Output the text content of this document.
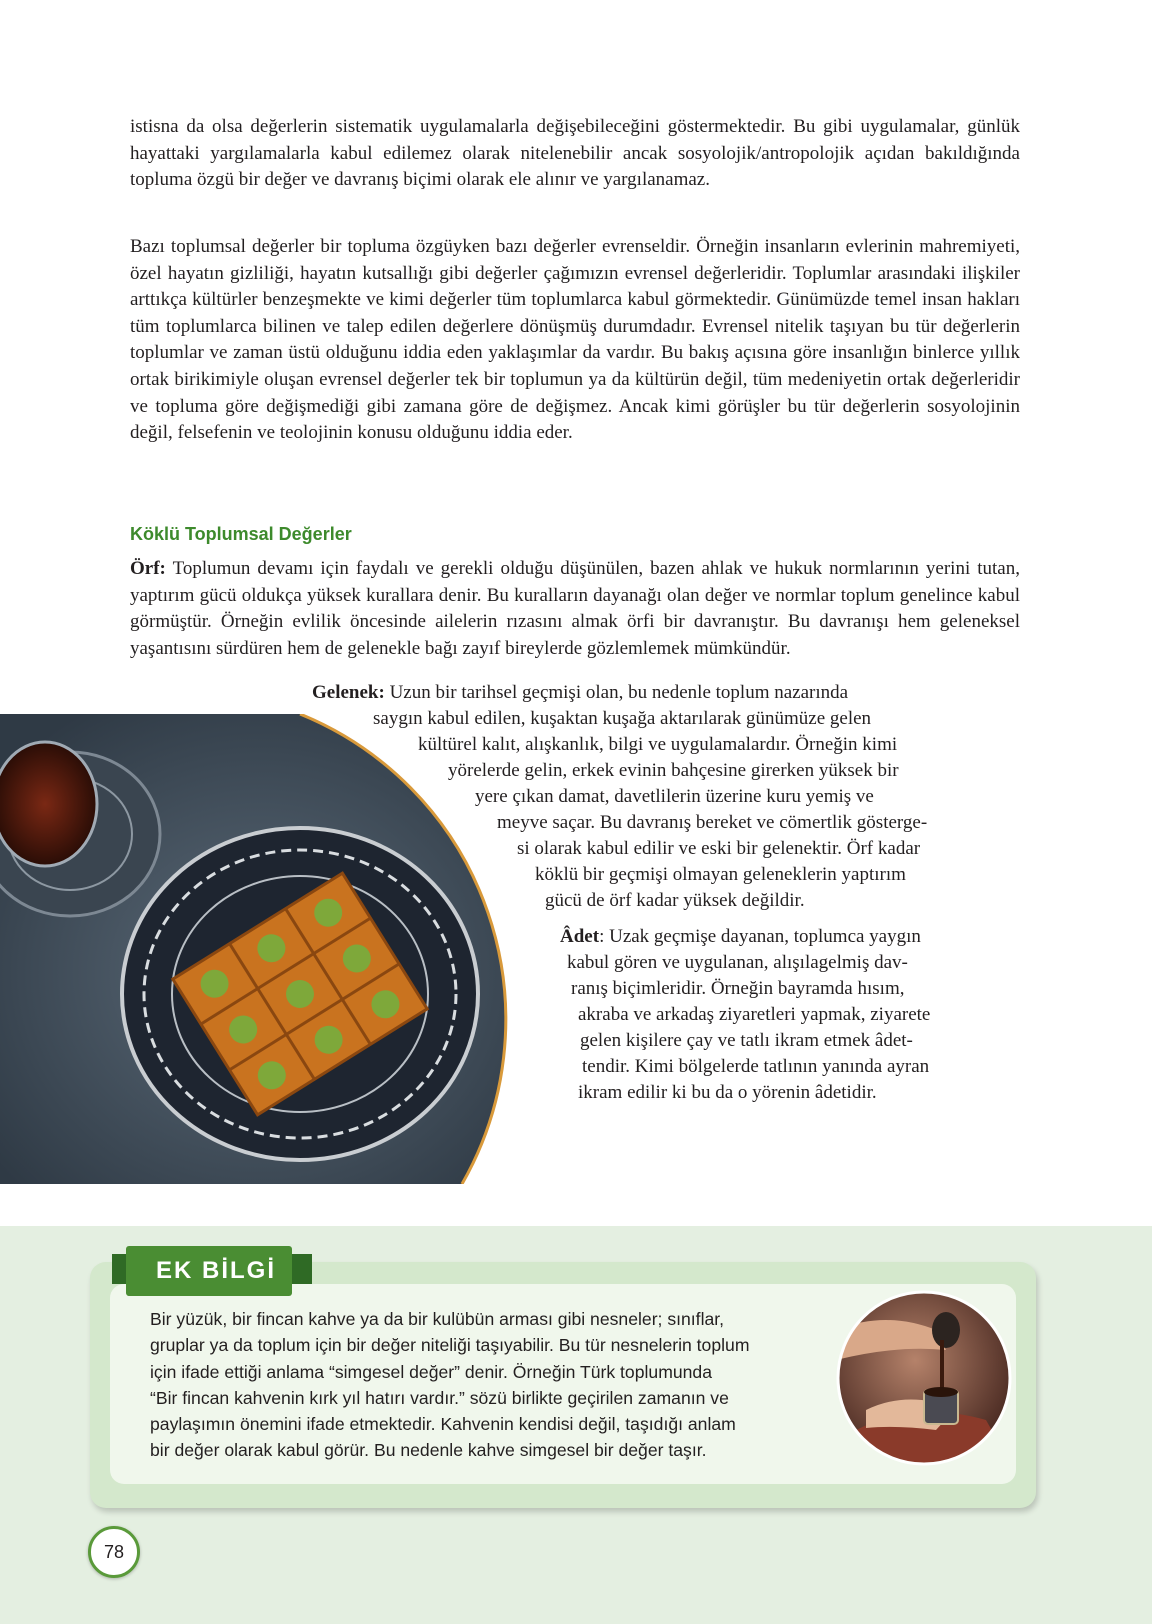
istisna da olsa değerlerin sistematik uygulamalarla değişebileceğini göstermektedir. Bu gibi uygulamalar, günlük hayattaki yargılamalarla kabul edilemez olarak nitelenebilir ancak sosyolojik/antropolojik açıdan bakıldığında topluma özgü bir değer ve davranış biçimi olarak ele alınır ve yargılanamaz.

Bazı toplumsal değerler bir topluma özgüyken bazı değerler evrenseldir. Örneğin insanların evlerinin mahremiyeti, özel hayatın gizliliği, hayatın kutsallığı gibi değerler çağımızın evrensel değerleridir. Toplumlar arasındaki ilişkiler arttıkça kültürler benzeşmekte ve kimi değerler tüm toplumlarca kabul görmektedir. Günümüzde temel insan hakları tüm toplumlarca bilinen ve talep edilen değerlere dönüşmüş durumdadır. Evrensel nitelik taşıyan bu tür değerlerin toplumlar ve zaman üstü olduğunu iddia eden yaklaşımlar da vardır. Bu bakış açısına göre insanlığın binlerce yıllık ortak birikimiyle oluşan evrensel değerler tek bir toplumun ya da kültürün değil, tüm medeniyetin ortak değerleridir ve topluma göre değişmediği gibi zamana göre de değişmez. Ancak kimi görüşler bu tür değerlerin sosyolojinin değil, felsefenin ve teolojinin konusu olduğunu iddia eder.

Köklü Toplumsal Değerler

Örf: Toplumun devamı için faydalı ve gerekli olduğu düşünülen, bazen ahlak ve hukuk normlarının yerini tutan, yaptırım gücü oldukça yüksek kurallara denir. Bu kuralların dayanağı olan değer ve normlar toplum genelince kabul görmüştür. Örneğin evlilik öncesinde ailelerin rızasını almak örfi bir davranıştır. Bu davranışı hem geleneksel yaşantısını sürdüren hem de gelenekle bağı zayıf bireylerde gözlemlemek mümkündür.

Gelenek: Uzun bir tarihsel geçmişi olan, bu nedenle toplum nazarında
saygın kabul edilen, kuşaktan kuşağa aktarılarak günümüze gelen
kültürel kalıt, alışkanlık, bilgi ve uygulamalardır. Örneğin kimi
yörelerde gelin, erkek evinin bahçesine girerken yüksek bir
yere çıkan damat, davetlilerin üzerine kuru yemiş ve
meyve saçar. Bu davranış bereket ve cömertlik gösterge-
si olarak kabul edilir ve eski bir gelenektir. Örf kadar
köklü bir geçmişi olmayan geleneklerin yaptırım
gücü de örf kadar yüksek değildir.
Âdet: Uzak geçmişe dayanan, toplumca yaygın
kabul gören ve uygulanan, alışılagelmiş dav-
ranış biçimleridir. Örneğin bayramda hısım,
akraba ve arkadaş ziyaretleri yapmak, ziyarete
gelen kişilere çay ve tatlı ikram etmek âdet-
tendir. Kimi bölgelerde tatlının yanında ayran
ikram edilir ki bu da o yörenin âdetidir.
EK BİLGİ
Bir yüzük, bir fincan kahve ya da bir kulübün arması gibi nesneler; sınıflar,
gruplar ya da toplum için bir değer niteliği taşıyabilir. Bu tür nesnelerin toplum
için ifade ettiği anlama “simgesel değer” denir. Örneğin Türk toplumunda
“Bir fincan kahvenin kırk yıl hatırı vardır.” sözü birlikte geçirilen zamanın ve
paylaşımın önemini ifade etmektedir. Kahvenin kendisi değil, taşıdığı anlam
bir değer olarak kabul görür. Bu nedenle kahve simgesel bir değer taşır.
78
